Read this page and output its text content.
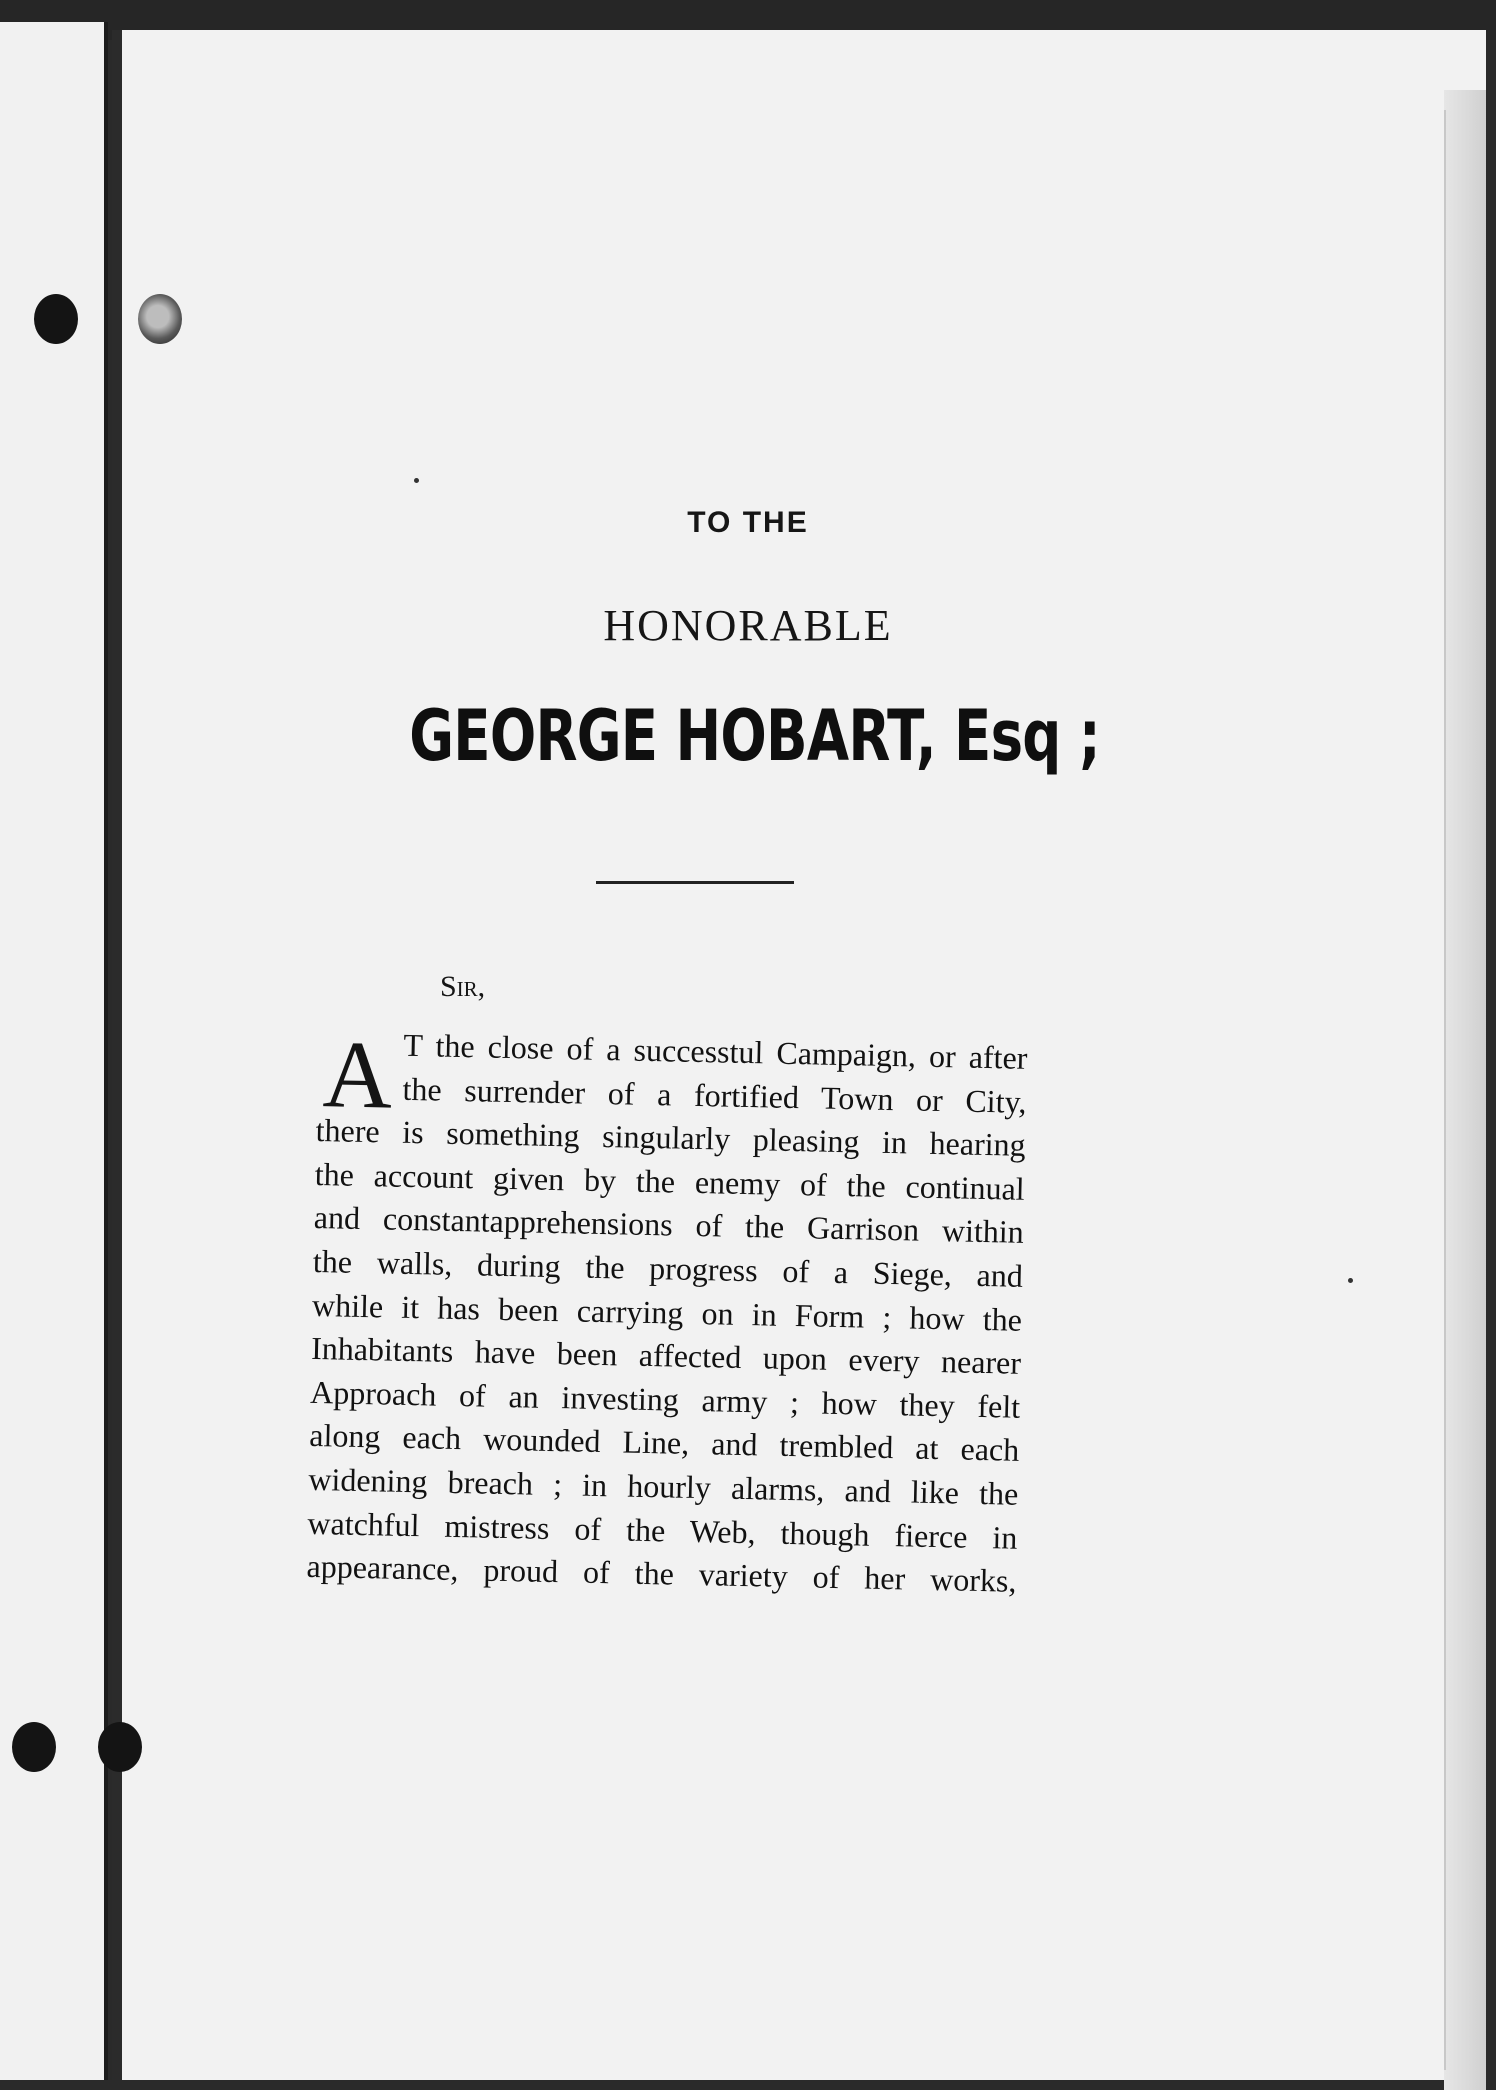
TO THE
HONORABLE
GEORGE HOBART, Esq ;
Sir,
A T the close of a successtul Campaign, or after
the surrender of a fortified Town or City,
there is something singularly pleasing in hearing
the account given by the enemy of the continual
and constantapprehensions of the Garrison within
the walls, during the progress of a Siege, and
while it has been carrying on in Form ; how the
Inhabitants have been affected upon every nearer
Approach of an investing army ; how they felt
along each wounded Line, and trembled at each
widening breach ; in hourly alarms, and like the
watchful mistress of the Web, though fierce in
appearance, proud of the variety of her works,
